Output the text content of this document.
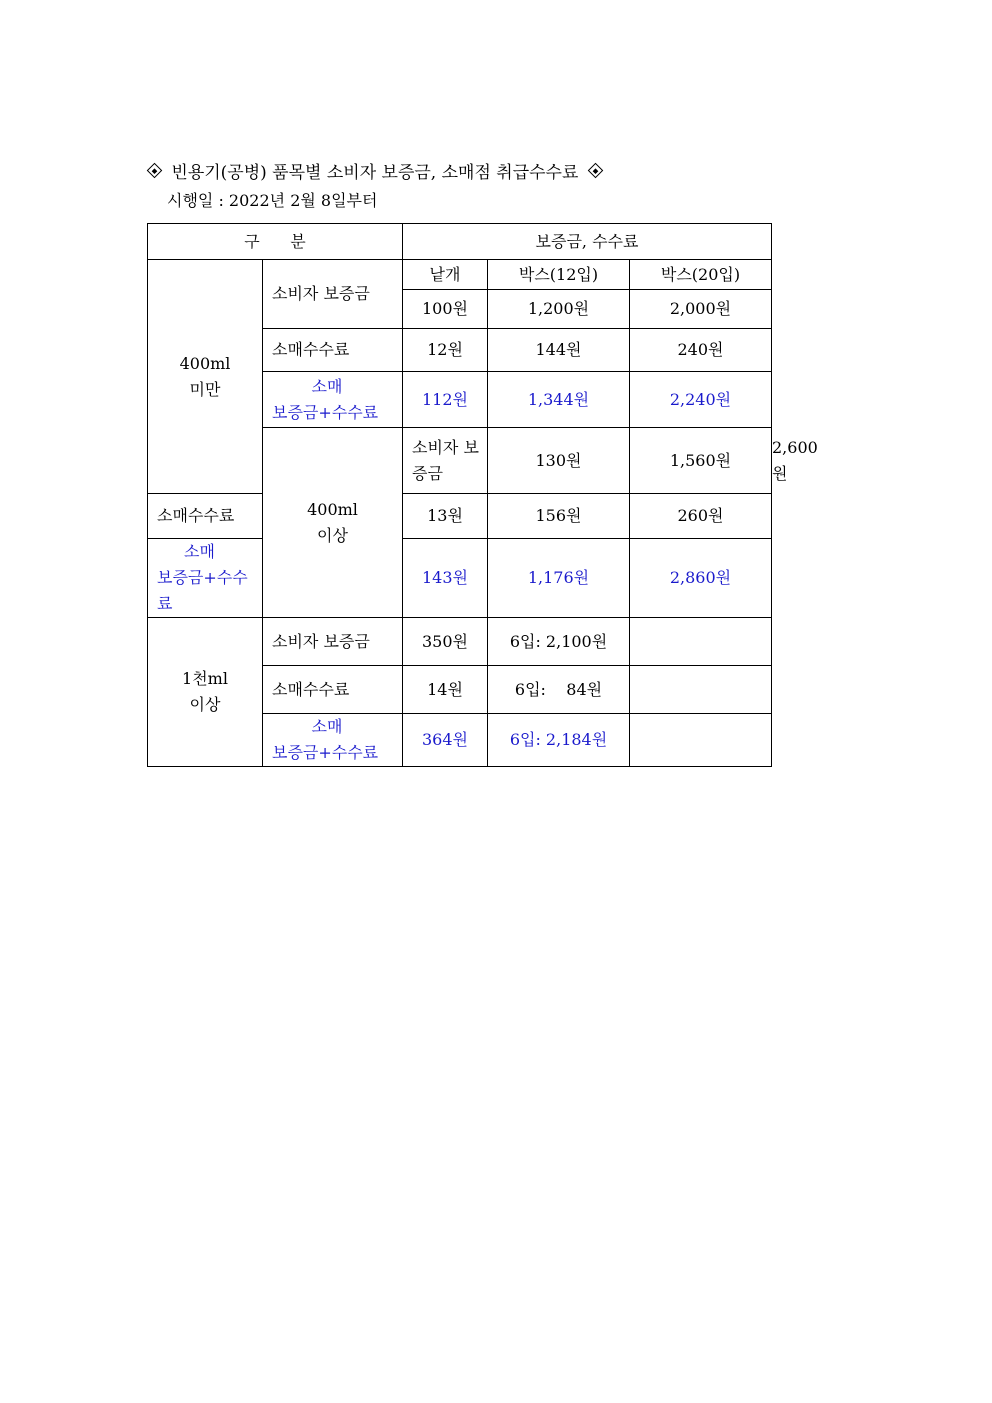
빈용기(공병) 품목별 소비자 보증금, 소매점 취급수수료
시행일 : 2022년 2월 8일부터
구      분		보증금, 수수료			

400ml
미만	소비자 보증금	낱개	박스(12입)	박스(20입)	
		100원	1,200원	2,000원	
	소매수수료	12원	144원	240원	

	소매
보증금+수수료	112원	1,344원	2,240원	

	400ml
이상	소비자 보증금	130원	1,560원	2,600원
소매수수료		13원	156원	260원	

소매
보증금+수수료		143원	1,176원	2,860원	

1천ml
이상	소비자 보증금	350원	6입: 2,100원		
	소매수수료	14원	6입:    84원		

	소매
보증금+수수료	364원	6입: 2,184원		
